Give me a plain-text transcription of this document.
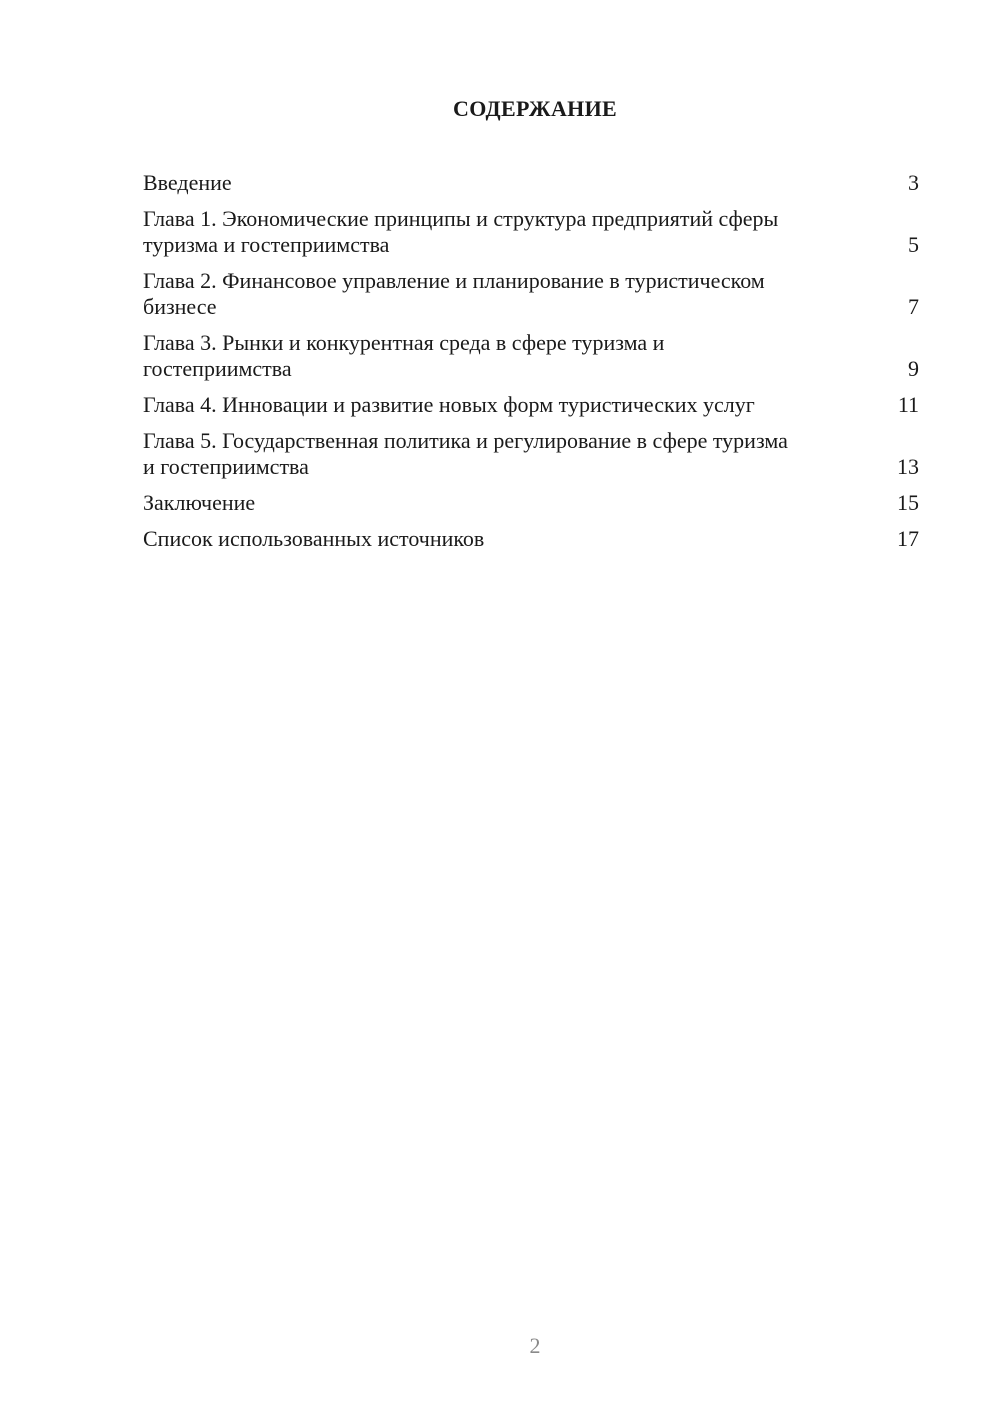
СОДЕРЖАНИЕ
Введение	3
Глава 1. Экономические принципы и структура предприятий сферы туризма и гостеприимства	5
Глава 2. Финансовое управление и планирование в туристическом бизнесе	7
Глава 3. Рынки и конкурентная среда в сфере туризма и гостеприимства	9
Глава 4. Инновации и развитие новых форм туристических услуг	11
Глава 5. Государственная политика и регулирование в сфере туризма и гостеприимства	13
Заключение	15
Список использованных источников	17
2
